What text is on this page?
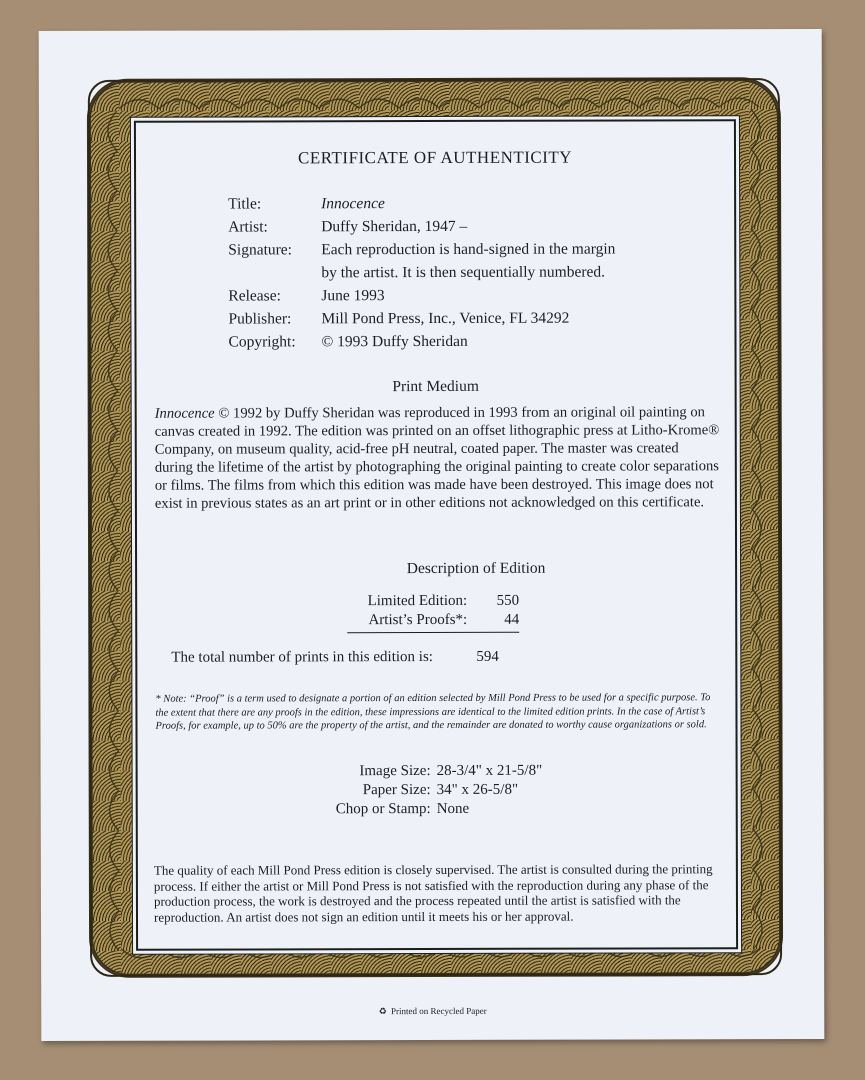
CERTIFICATE OF AUTHENTICITY
Title:	Innocence
Artist:	Duffy Sheridan, 1947 –
Signature:	Each reproduction is hand-signed in the margin
by the artist. It is then sequentially numbered.
Release:	June 1993
Publisher:	Mill Pond Press, Inc., Venice, FL 34292
Copyright:	© 1993 Duffy Sheridan
Print Medium
Innocence © 1992 by Duffy Sheridan was reproduced in 1993 from an original oil painting on canvas created in 1992. The edition was printed on an offset lithographic press at Litho-Krome® Company, on museum quality, acid-free pH neutral, coated paper. The master was created during the lifetime of the artist by photographing the original painting to create color separations or films. The films from which this edition was made have been destroyed. This image does not exist in previous states as an art print or in other editions not acknowledged on this certificate.
Description of Edition
Limited Edition:	550
Artist’s Proofs*:	44
The total number of prints in this edition is:	594
* Note: “Proof” is a term used to designate a portion of an edition selected by Mill Pond Press to be used for a specific purpose. To the extent that there are any proofs in the edition, these impressions are identical to the limited edition prints. In the case of Artist’s Proofs, for example, up to 50% are the property of the artist, and the remainder are donated to worthy cause organizations or sold.
Image Size: 28-3/4" x 21-5/8"
Paper Size: 34" x 26-5/8"
Chop or Stamp: None
The quality of each Mill Pond Press edition is closely supervised. The artist is consulted during the printing process. If either the artist or Mill Pond Press is not satisfied with the reproduction during any phase of the production process, the work is destroyed and the process repeated until the artist is satisfied with the reproduction. An artist does not sign an edition until it meets his or her approval.
♻ Printed on Recycled Paper
